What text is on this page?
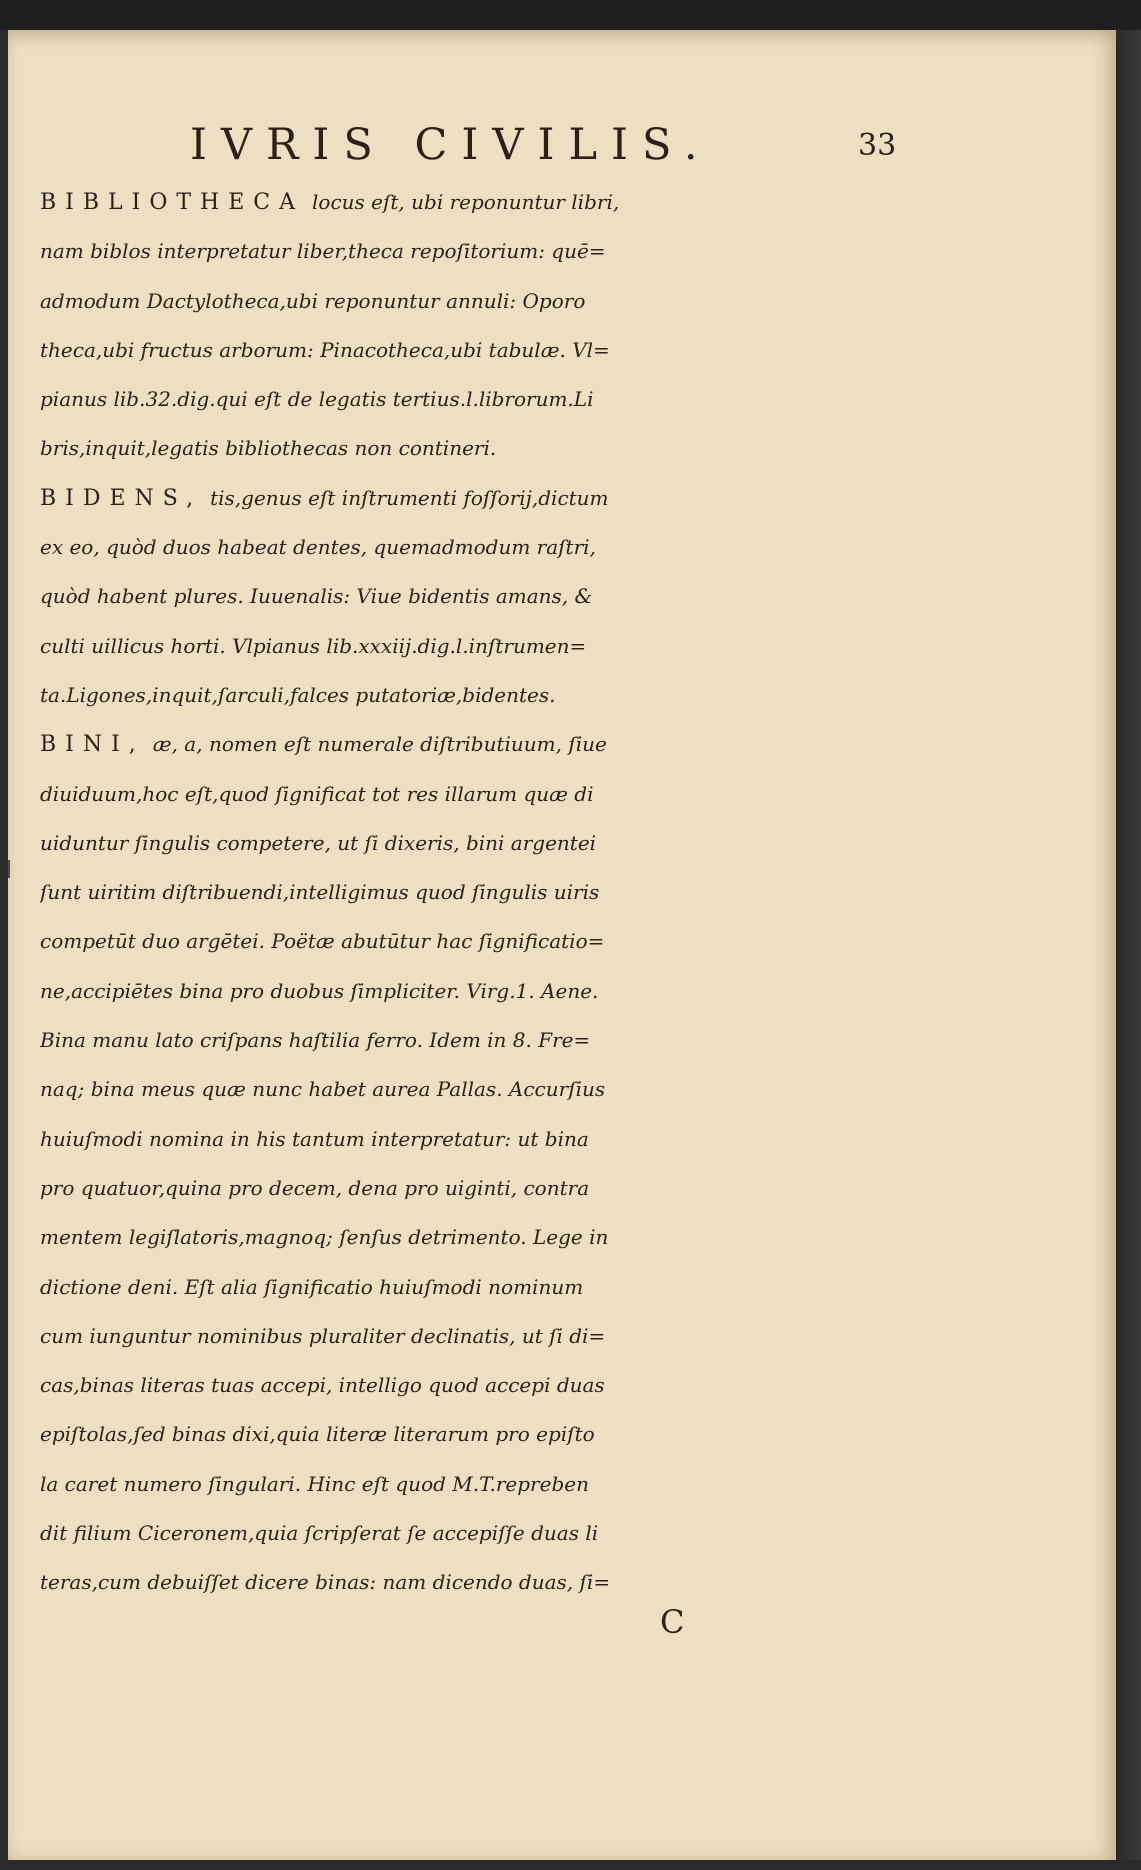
IVRIS CIVILIS.	33
BIBLIOTHECA locus eſt, ubi reponuntur libri,
nam biblos interpretatur liber,theca repoſitorium: quē=
admodum Dactylotheca,ubi reponuntur annuli: Oporo
theca,ubi fructus arborum: Pinacotheca,ubi tabulæ. Vl=
pianus lib.32.dig.qui eſt de legatis tertius.l.librorum.Li
bris,inquit,legatis bibliothecas non contineri.
BIDENS, tis,genus eſt inſtrumenti foſſorij,dictum
ex eo, quòd duos habeat dentes, quemadmodum raſtri,
quòd habent plures. Iuuenalis: Viue bidentis amans, &
culti uillicus horti. Vlpianus lib.xxxiij.dig.l.inſtrumen=
ta.Ligones,inquit,ſarculi,falces putatoriæ,bidentes.
BINI, æ, a, nomen eſt numerale diſtributiuum, ſiue
diuiduum,hoc eſt,quod ſignificat tot res illarum quæ di
uiduntur ſingulis competere, ut ſi dixeris, bini argentei
ſunt uiritim diſtribuendi,intelligimus quod ſingulis uiris
competūt duo argētei. Poëtæ abutūtur hac ſignificatio=
ne,accipiētes bina pro duobus ſimpliciter. Virg.1. Aene.
Bina manu lato criſpans haſtilia ferro. Idem in 8. Fre=
naq; bina meus quæ nunc habet aurea Pallas. Accurſius
huiuſmodi nomina in his tantum interpretatur: ut bina
pro quatuor,quina pro decem, dena pro uiginti, contra
mentem legiſlatoris,magnoq; ſenſus detrimento. Lege in
dictione deni. Eſt alia ſignificatio huiuſmodi nominum
cum iunguntur nominibus pluraliter declinatis, ut ſi di=
cas,binas literas tuas accepi, intelligo quod accepi duas
epiſtolas,ſed binas dixi,quia literæ literarum pro epiſto
la caret numero ſingulari. Hinc eſt quod M.T.repreben
dit filium Ciceronem,quia ſcripſerat ſe accepiſſe duas li
teras,cum debuiſſet dicere binas: nam dicendo duas, ſi=
C
